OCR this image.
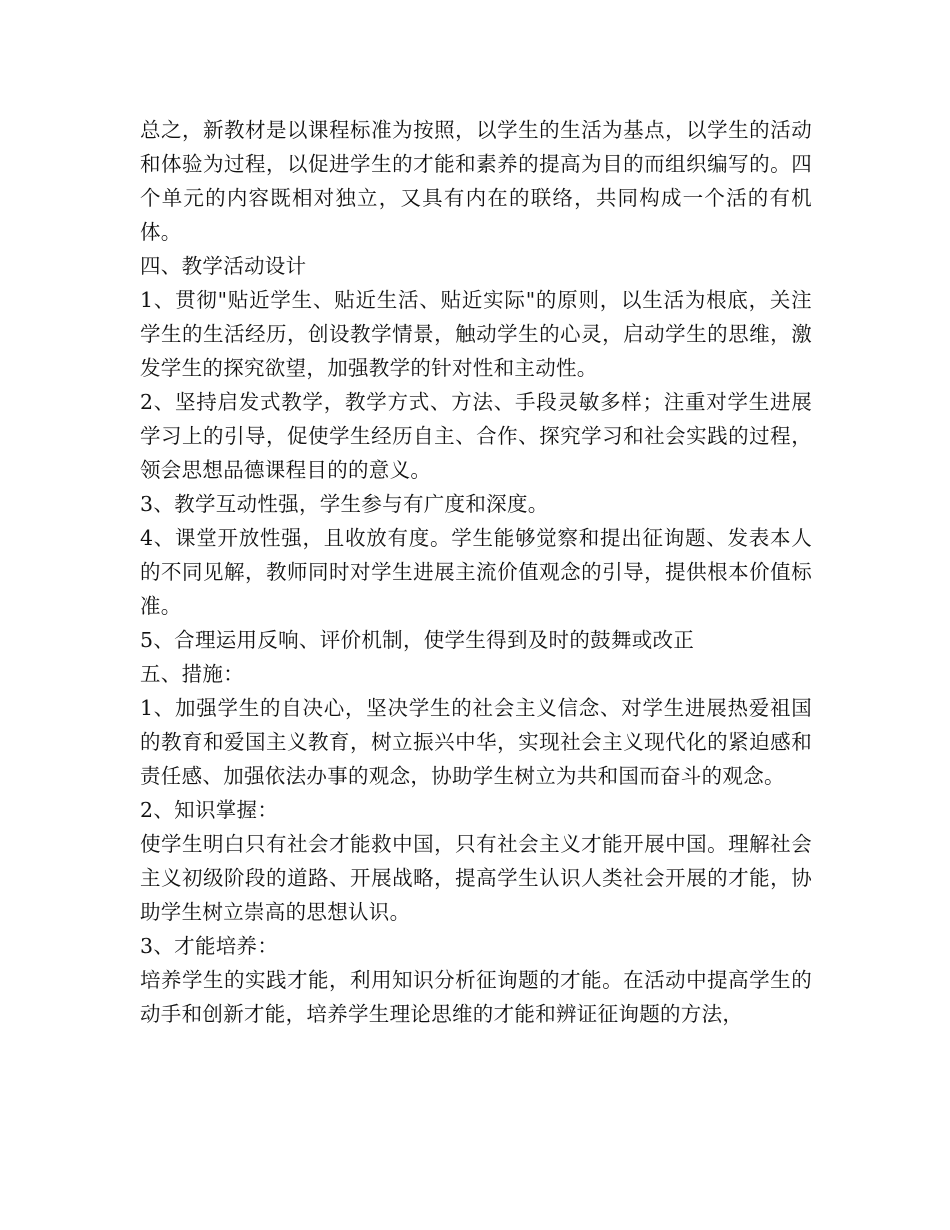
总之，新教材是以课程标准为按照，以学生的生活为基点，以学生的活动和体验为过程，以促进学生的才能和素养的提高为目的而组织编写的。四个单元的内容既相对独立，又具有内在的联络，共同构成一个活的有机体。

四、教学活动设计

1、贯彻"贴近学生、贴近生活、贴近实际"的原则，以生活为根底，关注学生的生活经历，创设教学情景，触动学生的心灵，启动学生的思维，激发学生的探究欲望，加强教学的针对性和主动性。

2、坚持启发式教学，教学方式、方法、手段灵敏多样；注重对学生进展学习上的引导，促使学生经历自主、合作、探究学习和社会实践的过程，领会思想品德课程目的的意义。

3、教学互动性强，学生参与有广度和深度。

4、课堂开放性强，且收放有度。学生能够觉察和提出征询题、发表本人的不同见解，教师同时对学生进展主流价值观念的引导，提供根本价值标准。

5、合理运用反响、评价机制，使学生得到及时的鼓舞或改正

五、措施：

1、加强学生的自决心，坚决学生的社会主义信念、对学生进展热爱祖国的教育和爱国主义教育，树立振兴中华，实现社会主义现代化的紧迫感和责任感、加强依法办事的观念，协助学生树立为共和国而奋斗的观念。

2、知识掌握：

使学生明白只有社会才能救中国，只有社会主义才能开展中国。理解社会主义初级阶段的道路、开展战略，提高学生认识人类社会开展的才能，协助学生树立崇高的思想认识。

3、才能培养：

培养学生的实践才能，利用知识分析征询题的才能。在活动中提高学生的动手和创新才能，培养学生理论思维的才能和辨证征询题的方法，
